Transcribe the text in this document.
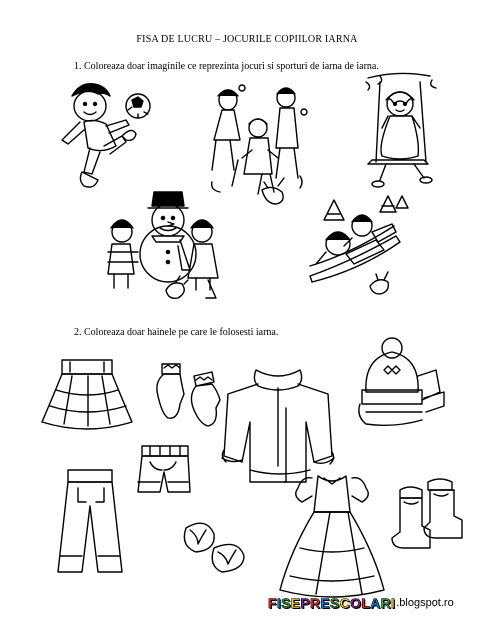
FISA DE LUCRU – JOCURILE COPIILOR IARNA
1. Coloreaza doar imaginile ce reprezinta jocuri si sporturi de iarna de iarna.
2. Coloreaza doar hainele pe care le folosesti iarna.
FISEPRESCOLARI .blogspot.ro
